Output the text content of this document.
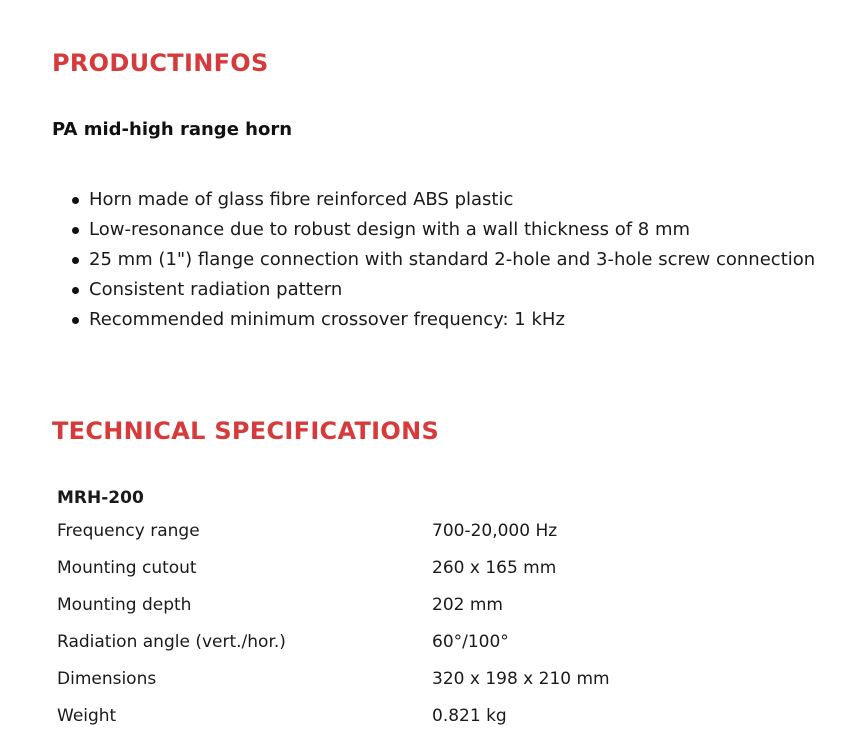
PRODUCTINFOS
PA mid-high range horn
Horn made of glass fibre reinforced ABS plastic
Low-resonance due to robust design with a wall thickness of 8 mm
25 mm (1") flange connection with standard 2-hole and 3-hole screw connection
Consistent radiation pattern
Recommended minimum crossover frequency: 1 kHz
TECHNICAL SPECIFICATIONS
MRH-200	
Frequency range	700-20,000 Hz
Mounting cutout	260 x 165 mm
Mounting depth	202 mm
Radiation angle (vert./hor.)	60°/100°
Dimensions	320 x 198 x 210 mm
Weight	0.821 kg
